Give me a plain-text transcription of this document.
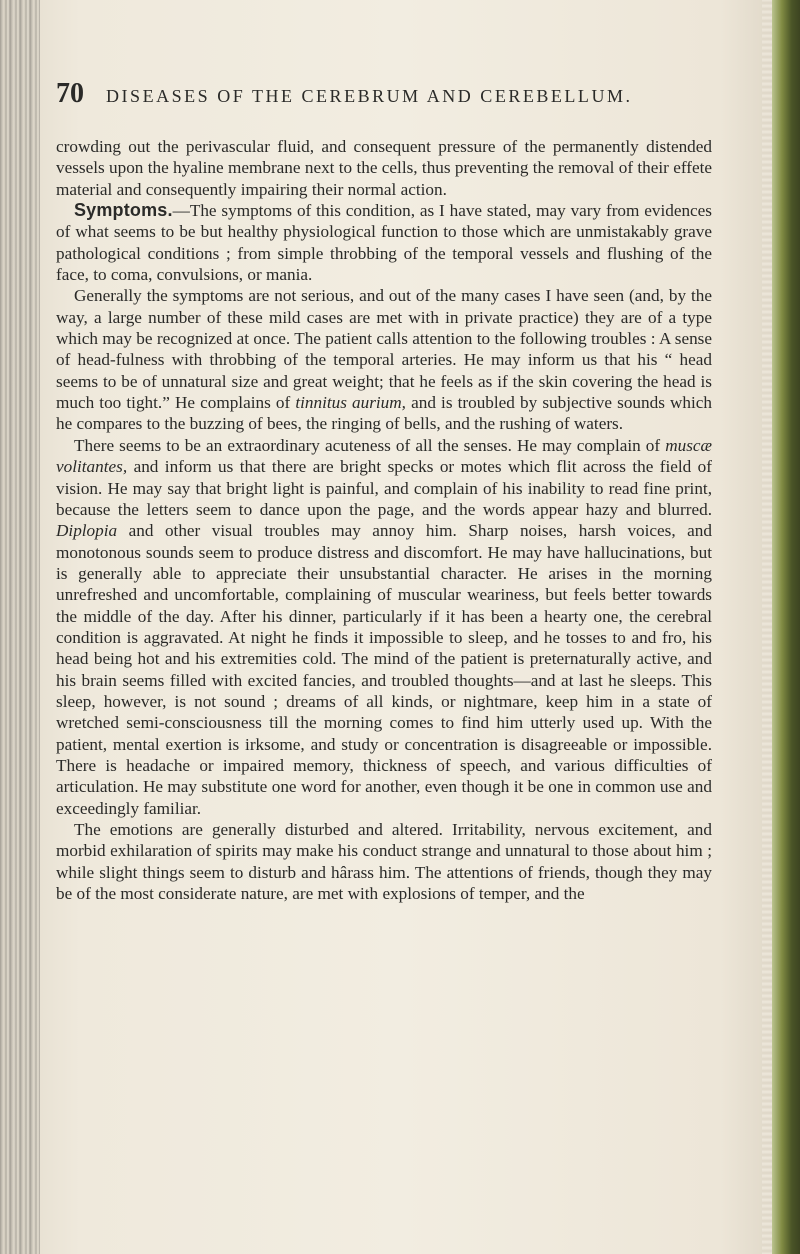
70 DISEASES OF THE CEREBRUM AND CEREBELLUM.

crowding out the perivascular fluid, and consequent pressure of the permanently distended vessels upon the hyaline membrane next to the cells, thus preventing the removal of their effete material and consequently impairing their normal action.

Symptoms.—The symptoms of this condition, as I have stated, may vary from evidences of what seems to be but healthy physiological function to those which are unmistakably grave pathological conditions ; from simple throbbing of the temporal vessels and flushing of the face, to coma, convulsions, or mania.

Generally the symptoms are not serious, and out of the many cases I have seen (and, by the way, a large number of these mild cases are met with in private practice) they are of a type which may be recognized at once. The patient calls attention to the following troubles : A sense of head-fulness with throbbing of the temporal arteries. He may inform us that his “ head seems to be of unnatural size and great weight; that he feels as if the skin covering the head is much too tight.” He complains of tinnitus aurium, and is troubled by subjective sounds which he compares to the buzzing of bees, the ringing of bells, and the rushing of waters.

There seems to be an extraordinary acuteness of all the senses. He may complain of muscæ volitantes, and inform us that there are bright specks or motes which flit across the field of vision. He may say that bright light is painful, and complain of his inability to read fine print, because the letters seem to dance upon the page, and the words appear hazy and blurred. Diplopia and other visual troubles may annoy him. Sharp noises, harsh voices, and monotonous sounds seem to produce distress and discomfort. He may have hallucinations, but is generally able to appreciate their unsubstantial character. He arises in the morning unrefreshed and uncomfortable, complaining of muscular weariness, but feels better towards the middle of the day. After his dinner, particularly if it has been a hearty one, the cerebral condition is aggravated. At night he finds it impossible to sleep, and he tosses to and fro, his head being hot and his extremities cold. The mind of the patient is preternaturally active, and his brain seems filled with excited fancies, and troubled thoughts—and at last he sleeps. This sleep, however, is not sound ; dreams of all kinds, or nightmare, keep him in a state of wretched semi-consciousness till the morning comes to find him utterly used up. With the patient, mental exertion is irksome, and study or concentration is disagreeable or impossible. There is headache or impaired memory, thickness of speech, and various difficulties of articulation. He may substitute one word for another, even though it be one in common use and exceedingly familiar.

The emotions are generally disturbed and altered. Irritability, nervous excitement, and morbid exhilaration of spirits may make his conduct strange and unnatural to those about him ; while slight things seem to disturb and hârass him. The attentions of friends, though they may be of the most considerate nature, are met with explosions of temper, and the
